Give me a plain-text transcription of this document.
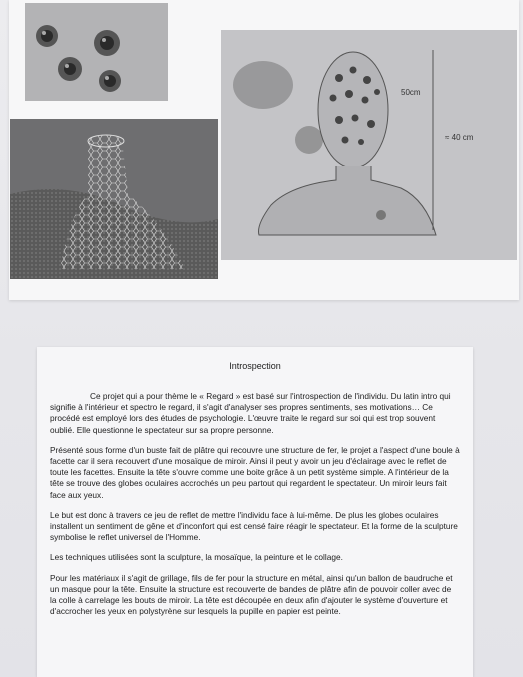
50cm
≈ 40 cm
Introspection

Ce projet qui a pour thème le « Regard » est basé sur l'introspection de l'individu. Du latin intro qui signifie à l'intérieur et spectro le regard, il s'agit d'analyser ses propres sentiments, ses motivations… Ce procédé est employé lors des études de psychologie. L'œuvre traite le regard sur soi qui est trop souvent oublié. Elle questionne le spectateur sur sa propre personne.

Présenté sous forme d'un buste fait de plâtre qui recouvre une structure de fer, le projet a l'aspect d'une boule à facette car il sera recouvert d'une mosaïque de miroir. Ainsi il peut y avoir un jeu d'éclairage avec le reflet de toute les facettes. Ensuite la tête s'ouvre comme une boite grâce à un petit système simple. A l'intérieur de la tête se trouve des globes oculaires accrochés un peu partout qui regardent le spectateur. Un miroir leurs fait face aux yeux.

Le but est donc à travers ce jeu de reflet de mettre l'individu face à lui-même. De plus les globes oculaires installent un sentiment de gêne et d'inconfort qui est censé faire réagir le spectateur. Et la forme de la sculpture symbolise le reflet universel de l'Homme.

Les techniques utilisées sont la sculpture, la mosaïque, la peinture et le collage.

Pour les matériaux il s'agit de grillage, fils de fer pour la structure en métal, ainsi qu'un ballon de baudruche et un masque pour la tête. Ensuite la structure est recouverte de bandes de plâtre afin de pouvoir coller avec de la colle à carrelage les bouts de miroir. La tête est découpée en deux afin d'ajouter le système d'ouverture et d'accrocher les yeux en polystyrène sur lesquels la pupille en papier est peinte.
